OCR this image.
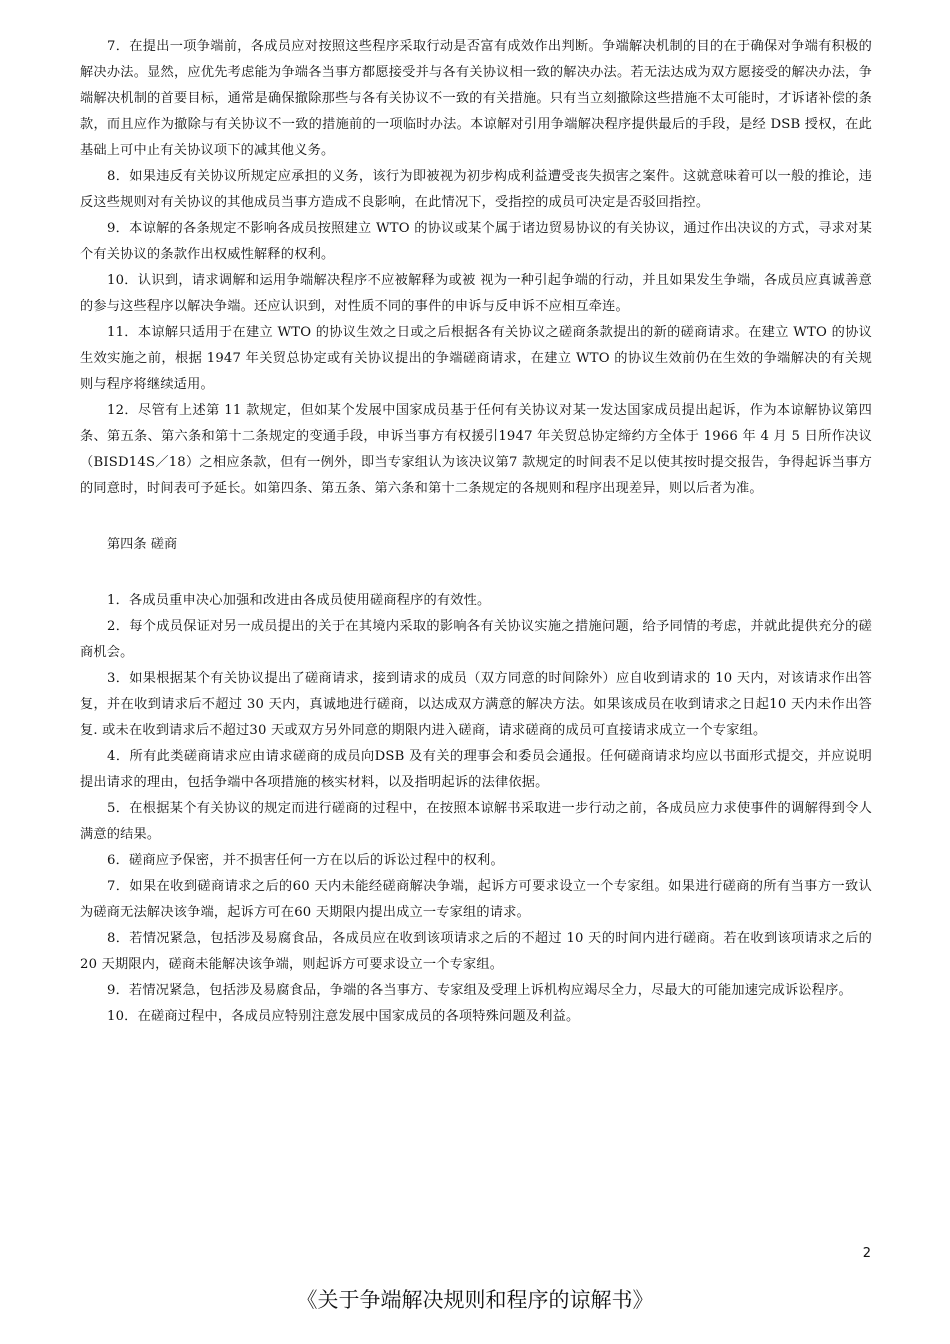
7．在提出一项争端前，各成员应对按照这些程序采取行动是否富有成效作出判断。争端解决机制的目的在于确保对争端有积极的解决办法。显然，应优先考虑能为争端各当事方都愿接受并与各有关协议相一致的解决办法。若无法达成为双方愿接受的解决办法，争端解决机制的首要目标，通常是确保撤除那些与各有关协议不一致的有关措施。只有当立刻撤除这些措施不太可能时，才诉诸补偿的条款，而且应作为撤除与有关协议不一致的措施前的一项临时办法。本谅解对引用争端解决程序提供最后的手段，是经 DSB 授权，在此基础上可中止有关协议项下的减其他义务。

8．如果违反有关协议所规定应承担的义务，该行为即被视为初步构成利益遭受丧失损害之案件。这就意味着可以一般的推论，违反这些规则对有关协议的其他成员当事方造成不良影响，在此情况下，受指控的成员可决定是否驳回指控。

9．本谅解的各条规定不影响各成员按照建立 WTO 的协议或某个属于诸边贸易协议的有关协议，通过作出决议的方式，寻求对某个有关协议的条款作出权威性解释的权利。

10．认识到，请求调解和运用争端解决程序不应被解释为或被 视为一种引起争端的行动，并且如果发生争端，各成员应真诚善意的参与这些程序以解决争端。还应认识到，对性质不同的事件的申诉与反申诉不应相互牵连。

11．本谅解只适用于在建立 WTO 的协议生效之日或之后根据各有关协议之磋商条款提出的新的磋商请求。在建立 WTO 的协议生效实施之前，根据 1947 年关贸总协定或有关协议提出的争端磋商请求，在建立 WTO 的协议生效前仍在生效的争端解决的有关规则与程序将继续适用。

12．尽管有上述第 11 款规定，但如某个发展中国家成员基于任何有关协议对某一发达国家成员提出起诉，作为本谅解协议第四条、第五条、第六条和第十二条规定的变通手段，申诉当事方有权援引1947 年关贸总协定缔约方全体于 1966 年 4 月 5 日所作决议（BISD14S／18）之相应条款，但有一例外，即当专家组认为该决议第7 款规定的时间表不足以使其按时提交报告，争得起诉当事方的同意时，时间表可予延长。如第四条、第五条、第六条和第十二条规定的各规则和程序出现差异，则以后者为准。

第四条 磋商

1．各成员重申决心加强和改进由各成员使用磋商程序的有效性。

2．每个成员保证对另一成员提出的关于在其境内采取的影响各有关协议实施之措施问题，给予同情的考虑，并就此提供充分的磋商机会。

3．如果根据某个有关协议提出了磋商请求，接到请求的成员（双方同意的时间除外）应自收到请求的 10 天内，对该请求作出答复，并在收到请求后不超过 30 天内，真诚地进行磋商，以达成双方满意的解决方法。如果该成员在收到请求之日起10 天内未作出答复. 或未在收到请求后不超过30 天或双方另外同意的期限内进入磋商，请求磋商的成员可直接请求成立一个专家组。

4．所有此类磋商请求应由请求磋商的成员向DSB 及有关的理事会和委员会通报。任何磋商请求均应以书面形式提交，并应说明提出请求的理由，包括争端中各项措施的核实材料，以及指明起诉的法律依据。

5．在根据某个有关协议的规定而进行磋商的过程中，在按照本谅解书采取进一步行动之前，各成员应力求使事件的调解得到令人满意的结果。

6．磋商应予保密，并不损害任何一方在以后的诉讼过程中的权利。

7．如果在收到磋商请求之后的60 天内未能经磋商解决争端，起诉方可要求设立一个专家组。如果进行磋商的所有当事方一致认为磋商无法解决该争端，起诉方可在60 天期限内提出成立一专家组的请求。

8．若情况紧急，包括涉及易腐食品，各成员应在收到该项请求之后的不超过 10 天的时间内进行磋商。若在收到该项请求之后的 20 天期限内，磋商未能解决该争端，则起诉方可要求设立一个专家组。

9．若情况紧急，包括涉及易腐食品，争端的各当事方、专家组及受理上诉机构应竭尽全力，尽最大的可能加速完成诉讼程序。

10．在磋商过程中，各成员应特别注意发展中国家成员的各项特殊问题及利益。

2
《关于争端解决规则和程序的谅解书》
